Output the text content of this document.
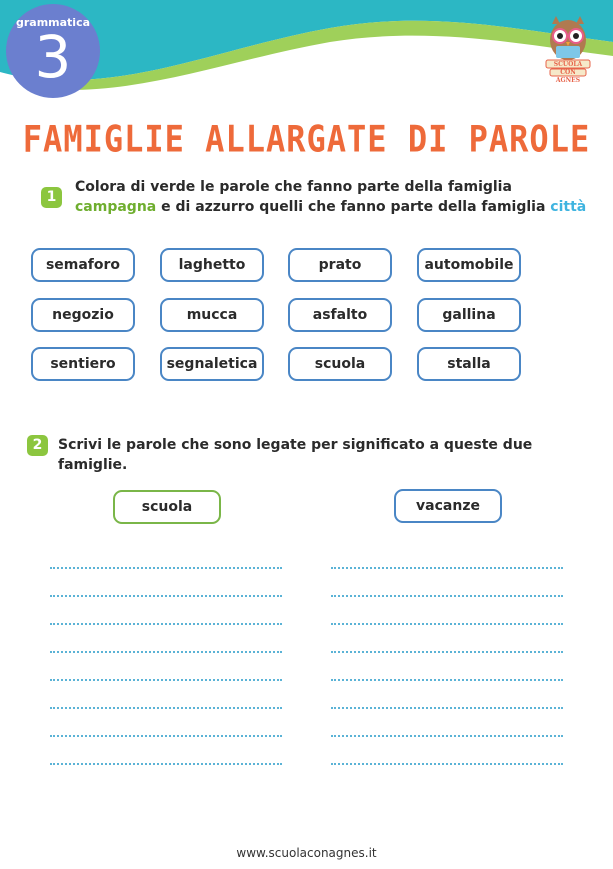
grammatica
3	SCUOLA
CON
AGNES
FAMIGLIE ALLARGATE DI PAROLE
1
Colora di verde le parole che fanno parte della famiglia
campagna e di azzurro quelli che fanno parte della famiglia città
semaforo	laghetto	prato	automobile
negozio	mucca	asfalto	gallina
sentiero	segnaletica	scuola	stalla
2	Scrivi le parole che sono legate per significato a queste due famiglie.
scuola	vacanze
www.scuolaconagnes.it
